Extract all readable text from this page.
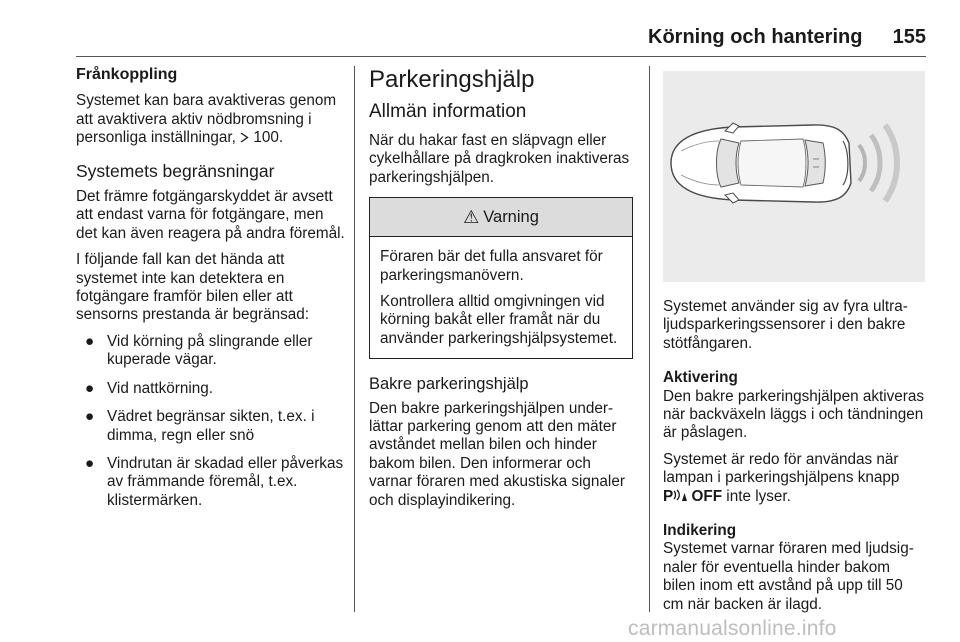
Körning och hantering	155
Frånkoppling

Systemet kan bara avaktiveras genom att avaktivera aktiv nödbromsning i personliga inställningar,  100.

Systemets begränsningar

Det främre fotgängarskyddet är avsett att endast varna för fotgängare, men det kan även reagera på andra föremål.

I följande fall kan det hända att systemet inte kan detektera en fotgängare framför bilen eller att sensorns prestanda är begränsad:

● Vid körning på slingrande eller kuperade vägar.
● Vid nattkörning.
● Vädret begränsar sikten, t.ex. i dimma, regn eller snö
● Vindrutan är skadad eller påverkas av främmande föremål, t.ex. klistermärken.
Parkeringshjälp
Allmän information

När du hakar fast en släpvagn eller cykelhållare på dragkroken inaktiveras parkeringshjälpen.

⚠ Varning

Föraren bär det fulla ansvaret för parkeringsmanövern.

Kontrollera alltid omgivningen vid körning bakåt eller framåt när du använder parkeringshjälpsystemet.

Bakre parkeringshjälp

Den bakre parkeringshjälpen underlättar parkering genom att den mäter avståndet mellan bilen och hinder bakom bilen. Den informerar och varnar föraren med akustiska signaler och displayindikering.

Systemet använder sig av fyra ultraljudsparkeringssensorer i den bakre stötfångaren.

Aktivering

Den bakre parkeringshjälpen aktiveras när backväxeln läggs i och tändningen är påslagen.

Systemet är redo för användas när lampan i parkeringshjälpens knapp
P OFF inte lyser.

Indikering

Systemet varnar föraren med ljudsignaler för eventuella hinder bakom bilen inom ett avstånd på upp till 50 cm när backen är ilagd.

carmanualsonline.info
